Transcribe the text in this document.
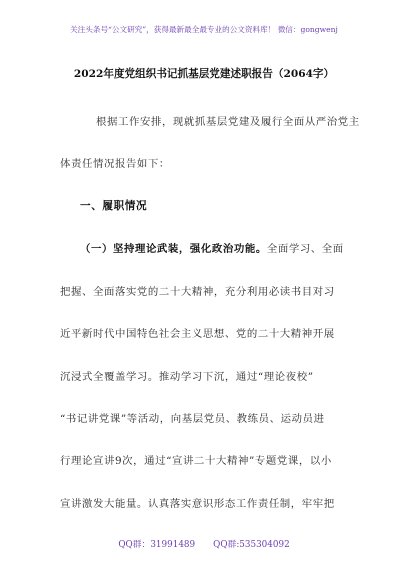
关注头条号“公文研究”，获得最新最全最专业的公文资料库！ 微信：gongwenj
2022年度党组织书记抓基层党建述职报告（2064字）
根据工作安排，现就抓基层党建及履行全面从严治党主
体责任情况报告如下：
一、履职情况
（一）坚持理论武装，强化政治功能。全面学习、全面
把握、全面落实党的二十大精神，充分利用必读书目对习
近平新时代中国特色社会主义思想、党的二十大精神开展
沉浸式全覆盖学习。推动学习下沉，通过“理论夜校”
“书记讲党课”等活动，向基层党员、教练员、运动员进
行理论宣讲9次，通过“宣讲二十大精神”专题党课，以小
宣讲激发大能量。认真落实意识形态工作责任制，牢牢把
QQ群：31991489 QQ群:535304092
